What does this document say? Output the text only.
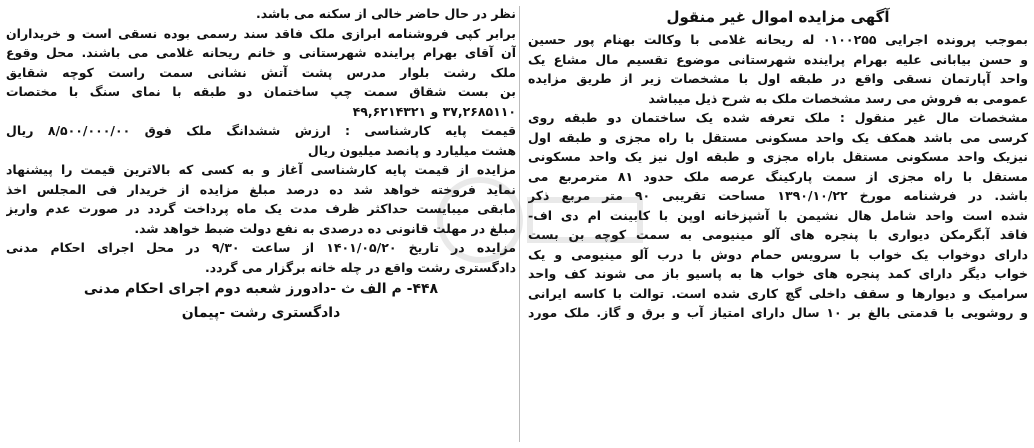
آگهی مزایده اموال غیر منقول
بموجب پرونده اجرایی ۰۱۰۰۲۵۵ له ریحانه غلامی با وکالت بهنام پور حسین
و حسن بیابانی علیه بهرام پراینده شهرستانی موضوع تقسیم مال مشاع یک
واحد آپارتمان نسقی واقع در طبقه اول با مشخصات زیر از طریق مزایده
عمومی به فروش می رسد مشخصات ملک به شرح ذیل میباشد
مشخصات مال غیر منقول : ملک تعرفه شده یک ساختمان دو طبقه روی
کرسی می باشد همکف یک واحد مسکونی مستقل با راه مجزی و طبقه اول
نیزیک واحد مسکونی مستقل باراه مجزی و طبقه اول نیز یک واحد مسکونی
مستقل با راه مجزی از سمت پارکینگ عرصه ملک حدود ۸۱ مترمربع می
باشد. در فرشنامه مورخ ۱۳۹۰/۱۰/۲۲ مساحت تقریبی ۹۰ متر مربع ذکر
شده است واحد شامل هال نشیمن با آشپزخانه اوپن با کابینت ام دی اف-
فاقد آبگرمکن دیواری با پنجره های آلو مینیومی به سمت کوچه بن بست
دارای دوخواب یک خواب با سرویس حمام دوش با درب آلو مینیومی و یک
خواب دیگر دارای کمد پنجره های خواب ها به پاسیو باز می شوند کف واحد
سرامیک و دیوارها و سقف داخلی گچ کاری شده است. توالت با کاسه ایرانی
و روشویی با قدمتی بالغ بر ۱۰ سال دارای امتیاز آب و برق و گاز. ملک مورد
نظر در حال حاضر خالی از سکنه می باشد.
برابر کپی فروشنامه ابرازی ملک فاقد سند رسمی بوده نسقی است و خریداران
آن آقای بهرام پراینده شهرستانی و خانم ریحانه غلامی می باشند. محل وقوع
ملک رشت بلوار مدرس پشت آتش نشانی سمت راست کوچه شقایق
بن بست شقاق سمت چپ ساختمان دو طبقه با نمای سنگ با مختصات
۳۷,۲۶۸۵۱۱۰ و ۴۹,۶۲۱۴۳۲۱
قیمت پایه کارشناسی : ارزش ششدانگ ملک فوق ۸/۵۰۰/۰۰۰/۰۰ ریال
هشت میلیارد و پانصد میلیون ریال
مزایده از قیمت پایه کارشناسی آغاز و به کسی که بالاترین قیمت را پیشنهاد
نماید فروخته خواهد شد ده درصد مبلغ مزایده از خریدار فی المجلس اخذ
مابقی میبایست حداکثر ظرف مدت یک ماه پرداخت گردد در صورت عدم واریز
مبلغ در مهلت قانونی ده درصدی به نفع دولت ضبط خواهد شد.
مزایده در تاریخ ۱۴۰۱/۰۵/۲۰ از ساعت ۹/۳۰ در محل اجرای احکام مدنی
دادگستری رشت واقع در چله خانه برگزار می گردد.
۴۴۸- م الف ث -دادورز شعبه دوم اجرای احکام مدنی
دادگستری رشت -پیمان
